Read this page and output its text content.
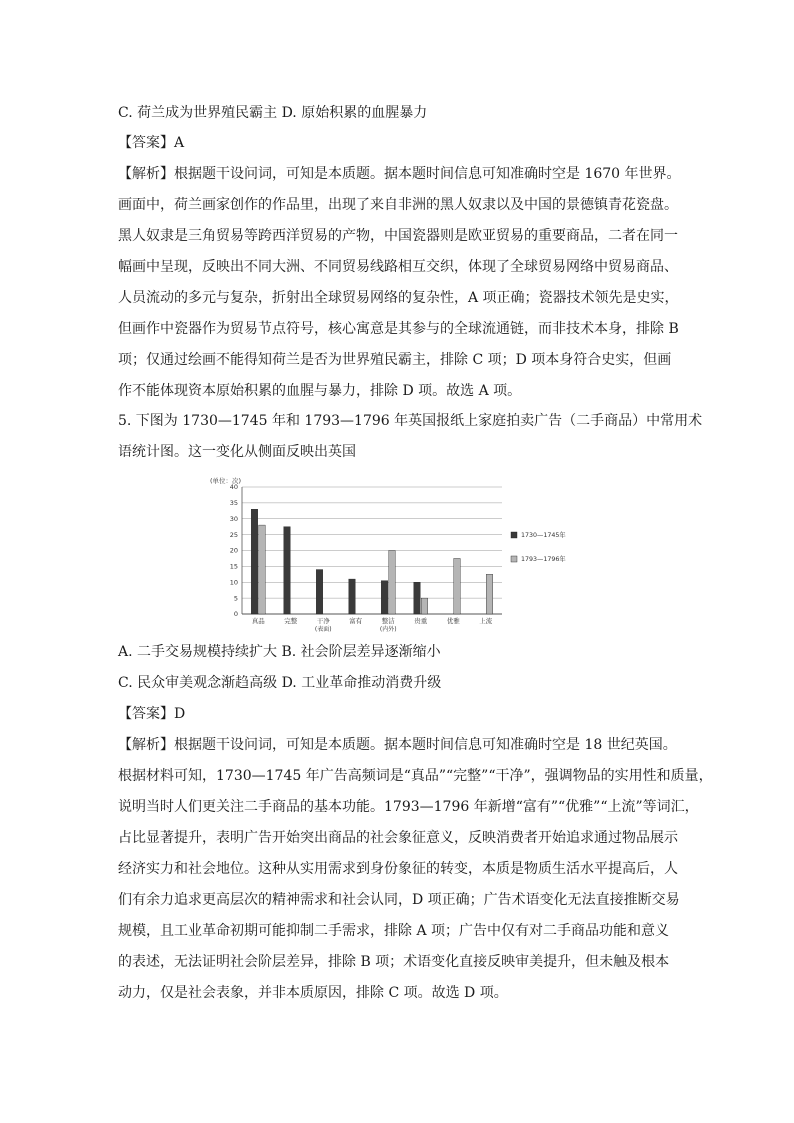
C. 荷兰成为世界殖民霸主 D. 原始积累的血腥暴力
【答案】A
【解析】根据题干设问词，可知是本质题。据本题时间信息可知准确时空是 1670 年世界。
画面中，荷兰画家创作的作品里，出现了来自非洲的黑人奴隶以及中国的景德镇青花瓷盘。
黑人奴隶是三角贸易等跨西洋贸易的产物，中国瓷器则是欧亚贸易的重要商品，二者在同一
幅画中呈现，反映出不同大洲、不同贸易线路相互交织，体现了全球贸易网络中贸易商品、
人员流动的多元与复杂，折射出全球贸易网络的复杂性，A 项正确；瓷器技术领先是史实，
但画作中瓷器作为贸易节点符号，核心寓意是其参与的全球流通链，而非技术本身，排除 B
项；仅通过绘画不能得知荷兰是否为世界殖民霸主，排除 C 项；D 项本身符合史实，但画
作不能体现资本原始积累的血腥与暴力，排除 D 项。故选 A 项。
5. 下图为 1730—1745 年和 1793—1796 年英国报纸上家庭拍卖广告（二手商品）中常用术
语统计图。这一变化从侧面反映出英国
(单位：次)
0
5
10
15
20
25
30
35
40
真品	完整	干净
(表面)
富有	整洁
(内外)
贵重	优雅	上流
1730—1745年
1793—1796年
A. 二手交易规模持续扩大 B. 社会阶层差异逐渐缩小
C. 民众审美观念渐趋高级 D. 工业革命推动消费升级
【答案】D
【解析】根据题干设问词，可知是本质题。据本题时间信息可知准确时空是 18 世纪英国。
根据材料可知，1730—1745 年广告高频词是“真品”“完整”“干净”，强调物品的实用性和质量，
说明当时人们更关注二手商品的基本功能。1793—1796 年新增“富有”“优雅”“上流”等词汇，
占比显著提升，表明广告开始突出商品的社会象征意义，反映消费者开始追求通过物品展示
经济实力和社会地位。这种从实用需求到身份象征的转变，本质是物质生活水平提高后，人
们有余力追求更高层次的精神需求和社会认同，D 项正确；广告术语变化无法直接推断交易
规模，且工业革命初期可能抑制二手需求，排除 A 项；广告中仅有对二手商品功能和意义
的表述，无法证明社会阶层差异，排除 B 项；术语变化直接反映审美提升，但未触及根本
动力，仅是社会表象，并非本质原因，排除 C 项。故选 D 项。
